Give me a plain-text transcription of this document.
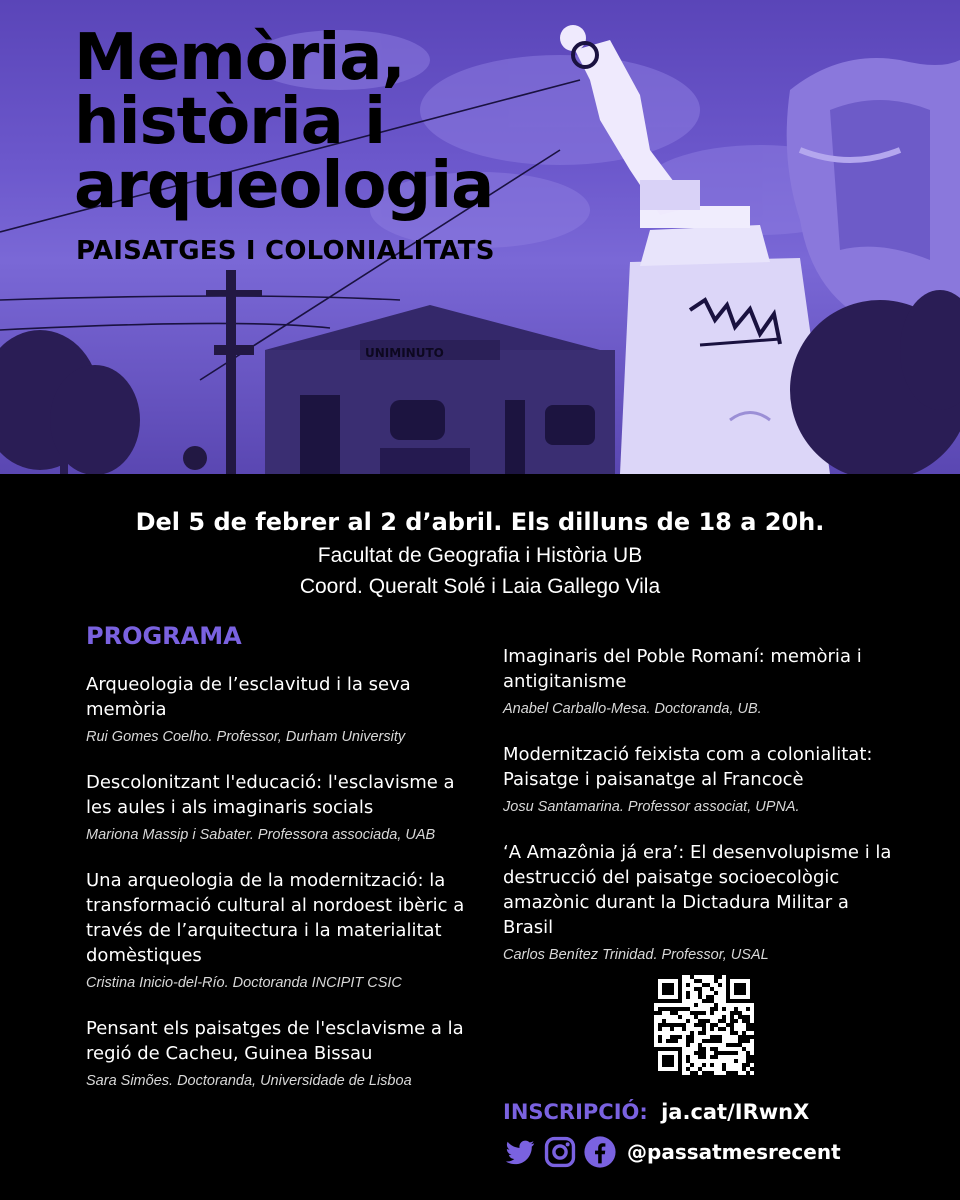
UNIMINUTO
Memòria,
història i
arqueologia
PAISATGES I COLONIALITATS
Del 5 de febrer al 2 d’abril. Els dilluns de 18 a 20h.
Facultat de Geografia i Història UB
Coord. Queralt Solé i Laia Gallego Vila
PROGRAMA
Arqueologia de l’esclavitud i la seva memòria
Rui Gomes Coelho. Professor, Durham University
Descolonitzant l'educació: l'esclavisme a les aules i als imaginaris socials
Mariona Massip i Sabater. Professora associada, UAB
Una arqueologia de la modernització: la transformació cultural al nordoest ibèric a través de l’arquitectura i la materialitat domèstiques
Cristina Inicio-del-Río. Doctoranda INCIPIT CSIC
Pensant els paisatges de l'esclavisme a la regió de Cacheu, Guinea Bissau
Sara Simões. Doctoranda, Universidade de Lisboa
Imaginaris del Poble Romaní: memòria i antigitanisme
Anabel Carballo-Mesa. Doctoranda, UB.
Modernització feixista com a colonialitat: Paisatge i paisanatge al Francocè
Josu Santamarina. Professor associat, UPNA.
‘A Amazônia já era’: El desenvolupisme i la destrucció del paisatge socioecològic amazònic durant la Dictadura Militar a Brasil
Carlos Benítez Trinidad. Professor, USAL
INSCRIPCIÓ: ja.cat/IRwnX
@passatmesrecent
